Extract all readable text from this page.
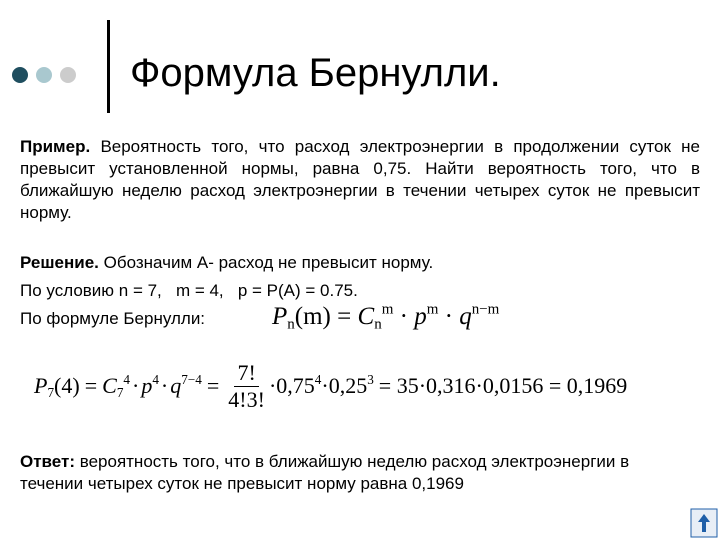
Формула Бернулли.
Пример. Вероятность того, что расход электроэнергии в продолжении суток не превысит установленной нормы, равна 0,75. Найти вероятность того, что в ближайшую неделю расход электроэнергии в течении четырех суток не превысит норму.
Решение. Обозначим А- расход не превысит норму.
По условию n = 7,   m = 4,   p = P(A) = 0.75.
По формуле Бернулли:	$P_n(m) = C_n^m \cdot p^m \cdot q^{n-m}$
$P_7(4) = C_7^4 \cdot p^4 \cdot q^{7-4} = \frac{7!}{4!3!} \cdot 0,75^4 \cdot 0,25^3 = 35\cdot 0,316\cdot 0,0156 = 0,1969$
Ответ: вероятность того, что в ближайшую неделю расход электроэнергии в течении четырех суток не превысит норму равна 0,1969
